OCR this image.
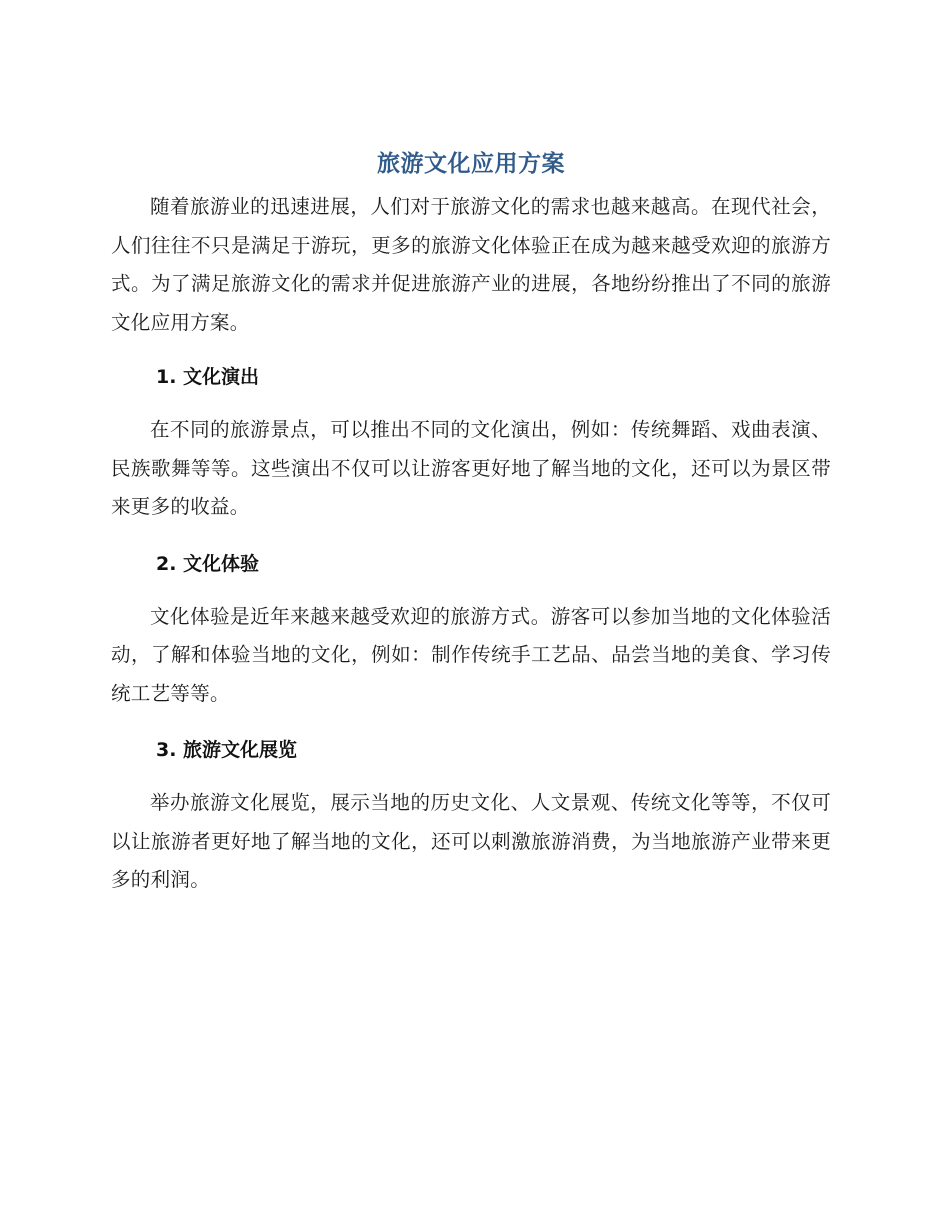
旅游文化应用方案

随着旅游业的迅速进展，人们对于旅游文化的需求也越来越高。在现代社会，人们往往不只是满足于游玩，更多的旅游文化体验正在成为越来越受欢迎的旅游方式。为了满足旅游文化的需求并促进旅游产业的进展，各地纷纷推出了不同的旅游文化应用方案。

1. 文化演出

在不同的旅游景点，可以推出不同的文化演出，例如：传统舞蹈、戏曲表演、民族歌舞等等。这些演出不仅可以让游客更好地了解当地的文化，还可以为景区带来更多的收益。

2. 文化体验

文化体验是近年来越来越受欢迎的旅游方式。游客可以参加当地的文化体验活动，了解和体验当地的文化，例如：制作传统手工艺品、品尝当地的美食、学习传统工艺等等。

3. 旅游文化展览

举办旅游文化展览，展示当地的历史文化、人文景观、传统文化等等，不仅可以让旅游者更好地了解当地的文化，还可以刺激旅游消费，为当地旅游产业带来更多的利润。
